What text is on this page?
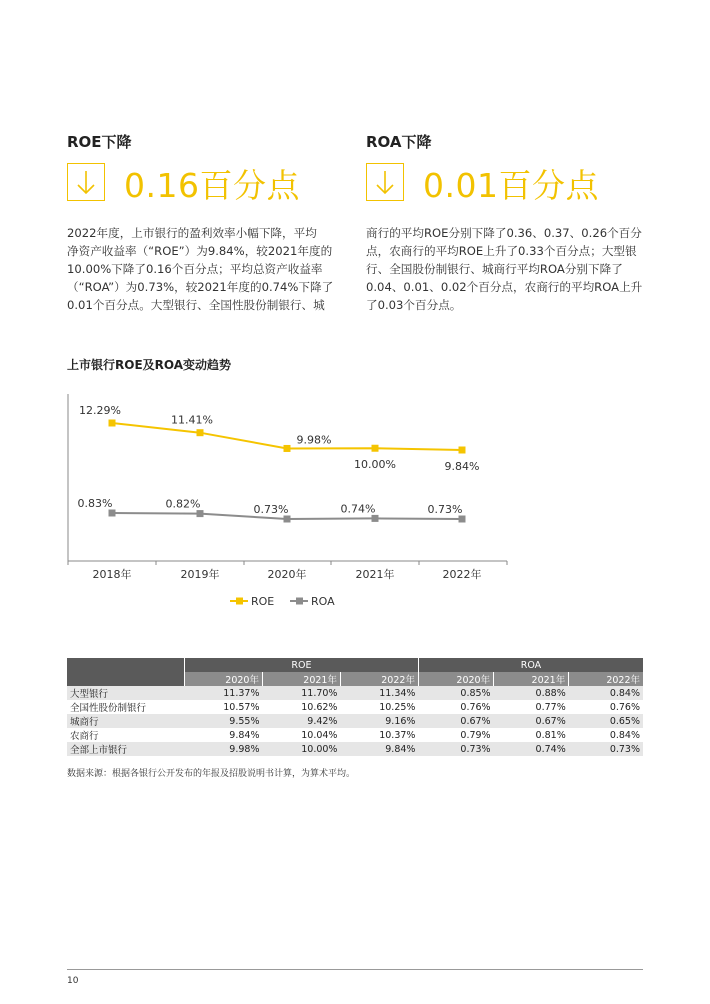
ROE下降
0.16百分点
2022年度，上市银行的盈利效率小幅下降，平均
净资产收益率（“ROE”）为9.84%，较2021年度的
10.00%下降了0.16个百分点；平均总资产收益率
（“ROA”）为0.73%，较2021年度的0.74%下降了
0.01个百分点。大型银行、全国性股份制银行、城
ROA下降
0.01百分点
商行的平均ROE分别下降了0.36、0.37、0.26个百分
点，农商行的平均ROE上升了0.33个百分点；大型银
行、全国股份制银行、城商行平均ROA分别下降了
0.04、0.01、0.02个百分点，农商行的平均ROA上升
了0.03个百分点。
上市银行ROE及ROA变动趋势
2018年	2019年	2020年	2021年	2022年
12.29%
11.41%
9.98%
10.00%	9.84%
0.83%	0.82%	0.73%	0.74%	0.73%
ROE	ROA
	ROE			ROA		
	2020年	2021年	2022年	2020年	2021年	2022年
大型银行	11.37%	11.70%	11.34%	0.85%	0.88%	0.84%
全国性股份制银行	10.57%	10.62%	10.25%	0.76%	0.77%	0.76%
城商行	9.55%	9.42%	9.16%	0.67%	0.67%	0.65%
农商行	9.84%	10.04%	10.37%	0.79%	0.81%	0.84%
全部上市银行	9.98%	10.00%	9.84%	0.73%	0.74%	0.73%
数据来源：根据各银行公开发布的年报及招股说明书计算，为算术平均。
10
